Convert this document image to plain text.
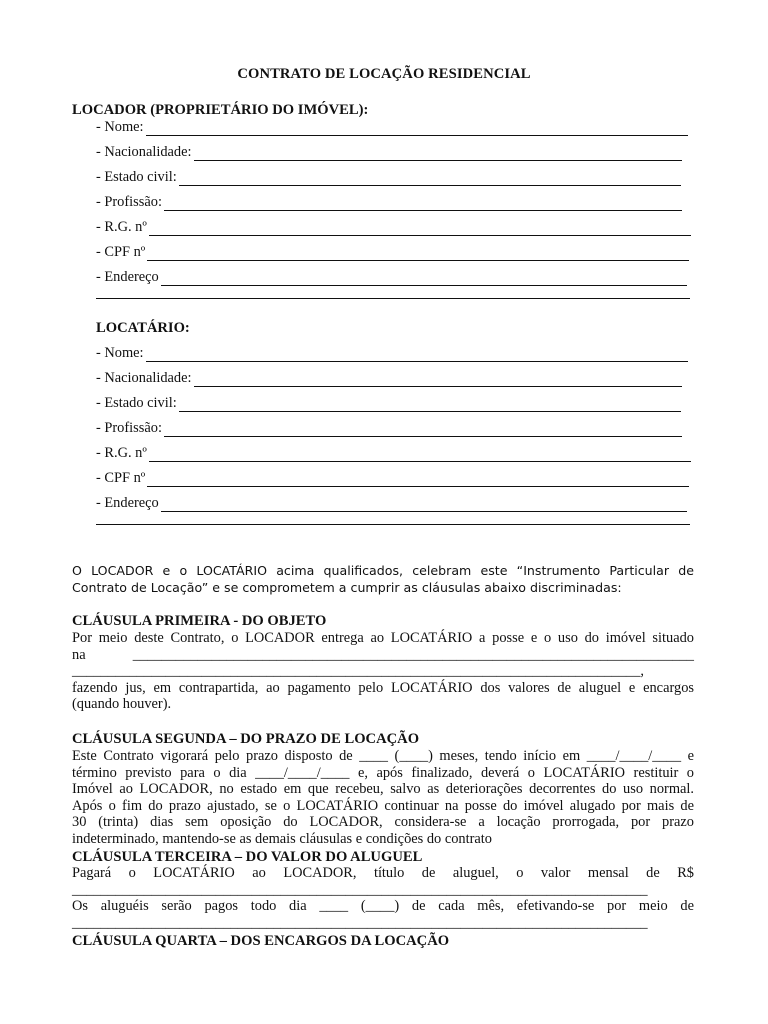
CONTRATO DE LOCAÇÃO RESIDENCIAL
LOCADOR (PROPRIETÁRIO DO IMÓVEL):
- Nome:
- Nacionalidade:
- Estado civil:
- Profissão:
- R.G. nº
- CPF nº
- Endereço
LOCATÁRIO:
- Nome:
- Nacionalidade:
- Estado civil:
- Profissão:
- R.G. nº
- CPF nº
- Endereço
O LOCADOR e o LOCATÁRIO acima qualificados, celebram este “Instrumento Particular de
Contrato de Locação” e se comprometem a cumprir as cláusulas abaixo discriminadas:
CLÁUSULA PRIMEIRA - DO OBJETO
Por meio deste Contrato, o LOCADOR entrega ao LOCATÁRIO a posse e o uso do imóvel situado
na ______________________________________________________________________________
_______________________________________________________________________________,
fazendo jus, em contrapartida, ao pagamento pelo LOCATÁRIO dos valores de aluguel e encargos
(quando houver).
CLÁUSULA SEGUNDA – DO PRAZO DE LOCAÇÃO
Este Contrato vigorará pelo prazo disposto de ____ (____) meses, tendo início em ____/____/____ e
término previsto para o dia ____/____/____ e, após finalizado, deverá o LOCATÁRIO restituir o
Imóvel ao LOCADOR, no estado em que recebeu, salvo as deteriorações decorrentes do uso normal.
Após o fim do prazo ajustado, se o LOCATÁRIO continuar na posse do imóvel alugado por mais de
30 (trinta) dias sem oposição do LOCADOR, considera-se a locação prorrogada, por prazo
indeterminado, mantendo-se as demais cláusulas e condições do contrato
CLÁUSULA TERCEIRA – DO VALOR DO ALUGUEL
Pagará o LOCATÁRIO ao LOCADOR, título de aluguel, o valor mensal de R$
________________________________________________________________________________
Os aluguéis serão pagos todo dia ____ (____) de cada mês, efetivando-se por meio de
________________________________________________________________________________
CLÁUSULA QUARTA – DOS ENCARGOS DA LOCAÇÃO
